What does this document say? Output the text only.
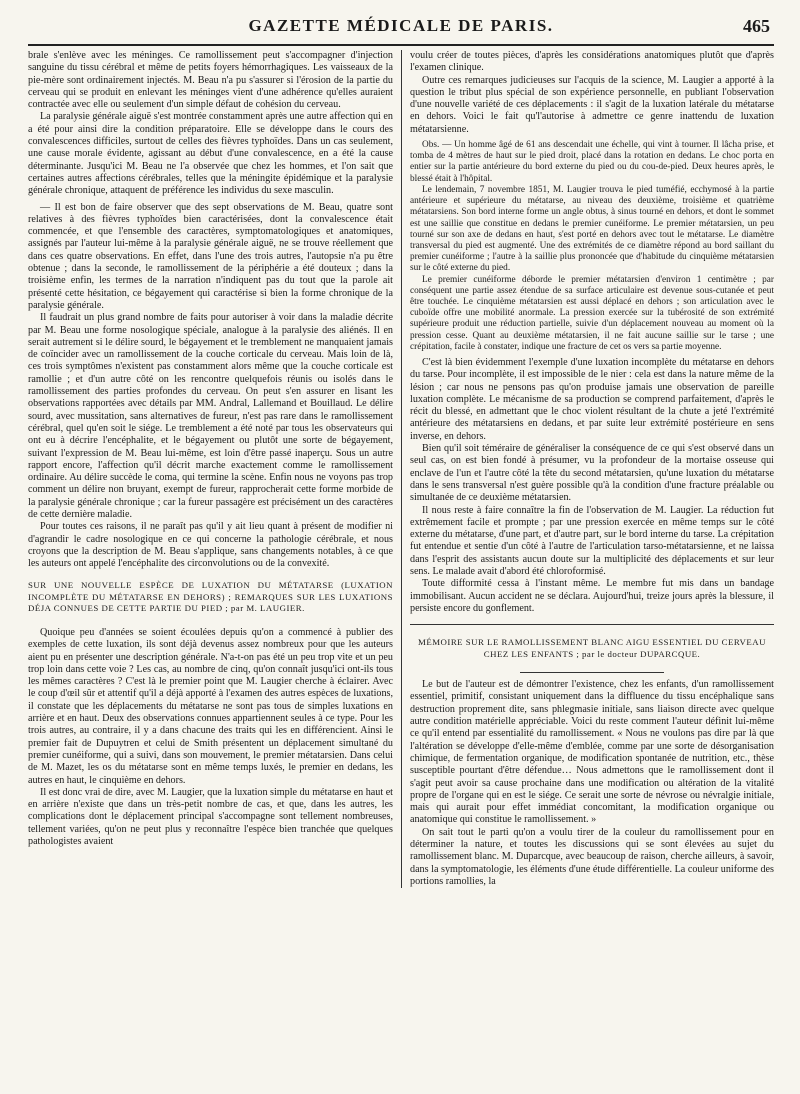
GAZETTE MÉDICALE DE PARIS.	465

brale s'enlève avec les méninges. Ce ramollissement peut s'accompagner d'injection sanguine du tissu cérébral et même de petits foyers hémorrhagiques. Les vaisseaux de la pie-mère sont ordinairement injectés. M. Beau n'a pu s'assurer si l'érosion de la partie du cerveau qui se produit en enlevant les méninges vient d'une adhérence qu'elles auraient contractée avec elle ou seulement d'un simple défaut de cohésion du cerveau.

La paralysie générale aiguë s'est montrée constamment après une autre affection qui en a été pour ainsi dire la condition préparatoire. Elle se développe dans le cours des convalescences difficiles, surtout de celles des fièvres typhoïdes. Dans un cas seulement, une cause morale évidente, agissant au début d'une convalescence, en a été la cause déterminante. Jusqu'ici M. Beau ne l'a observée que chez les hommes, et l'on sait que certaines autres affections cérébrales, telles que la méningite épidémique et la paralysie générale chronique, attaquent de préférence les individus du sexe masculin.

— Il est bon de faire observer que des sept observations de M. Beau, quatre sont relatives à des fièvres typhoïdes bien caractérisées, dont la convalescence était commencée, et que l'ensemble des caractères, symptomatologiques et anatomiques, assignés par l'auteur lui-même à la paralysie générale aiguë, ne se trouve réellement que dans ces quatre observations. En effet, dans l'une des trois autres, l'autopsie n'a pu être obtenue ; dans la seconde, le ramollissement de la périphérie a été douteux ; dans la troisième enfin, les termes de la narration n'indiquent pas du tout que la parole ait présenté cette hésitation, ce bégayement qui caractérise si bien la forme chronique de la paralysie générale.

Il faudrait un plus grand nombre de faits pour autoriser à voir dans la maladie décrite par M. Beau une forme nosologique spéciale, analogue à la paralysie des aliénés. Il en serait autrement si le délire sourd, le bégayement et le tremblement ne manquaient jamais de coïncider avec un ramollissement de la couche corticale du cerveau. Mais loin de là, ces trois symptômes n'existent pas constamment alors même que la couche corticale est ramollie ; et d'un autre côté on les rencontre quelquefois réunis ou isolés dans le ramollissement des parties profondes du cerveau. On peut s'en assurer en lisant les observations rapportées avec détails par MM. Andral, Lallemand et Bouillaud. Le délire sourd, avec mussitation, sans alternatives de fureur, n'est pas rare dans le ramollissement cérébral, quel qu'en soit le siége. Le tremblement a été noté par tous les observateurs qui ont eu à décrire l'encéphalite, et le bégayement ou plutôt une sorte de bégayement, suivant l'expression de M. Beau lui-même, est loin d'être passé inaperçu. Sous un autre rapport encore, l'affection qu'il décrit marche exactement comme le ramollissement ordinaire. Au délire succède le coma, qui termine la scène. Enfin nous ne voyons pas trop comment un délire non bruyant, exempt de fureur, rapprocherait cette forme morbide de la paralysie générale chronique ; car la fureur passagère est précisément un des caractères de cette dernière maladie.

Pour toutes ces raisons, il ne paraît pas qu'il y ait lieu quant à présent de modifier ni d'agrandir le cadre nosologique en ce qui concerne la pathologie cérébrale, et nous croyons que la description de M. Beau s'applique, sans changements notables, à ce que les auteurs ont appelé l'encéphalite des circonvolutions ou de la convexité.

SUR UNE NOUVELLE ESPÈCE DE LUXATION DU MÉTATARSE (LUXATION INCOMPLÈTE DU MÉTATARSE EN DEHORS) ; REMARQUES SUR LES LUXATIONS DÉJA CONNUES DE CETTE PARTIE DU PIED ; par M. LAUGIER.

Quoique peu d'années se soient écoulées depuis qu'on a commencé à publier des exemples de cette luxation, ils sont déjà devenus assez nombreux pour que les auteurs aient pu en présenter une description générale. N'a-t-on pas été un peu trop vite et un peu trop loin dans cette voie ? Les cas, au nombre de cinq, qu'on connaît jusqu'ici ont-ils tous les mêmes caractères ? C'est là le premier point que M. Laugier cherche à éclairer. Avec le coup d'œil sûr et attentif qu'il a déjà apporté à l'examen des autres espèces de luxations, il constate que les déplacements du métatarse ne sont pas tous de simples luxations en arrière et en haut. Deux des observations connues appartiennent seules à ce type. Pour les trois autres, au contraire, il y a dans chacune des traits qui les en différencient. Ainsi le premier fait de Dupuytren et celui de Smith présentent un déplacement simultané du premier cunéiforme, qui a suivi, dans son mouvement, le premier métatarsien. Dans celui de M. Mazet, les os du métatarse sont en même temps luxés, le premier en dedans, les autres en haut, le cinquième en dehors.

Il est donc vrai de dire, avec M. Laugier, que la luxation simple du métatarse en haut et en arrière n'existe que dans un très-petit nombre de cas, et que, dans les autres, les complications dont le déplacement principal s'accompagne sont tellement nombreuses, tellement variées, qu'on ne peut plus y reconnaître l'espèce bien tranchée que quelques pathologistes avaient

voulu créer de toutes pièces, d'après les considérations anatomiques plutôt que d'après l'examen clinique.

Outre ces remarques judicieuses sur l'acquis de la science, M. Laugier a apporté à la question le tribut plus spécial de son expérience personnelle, en publiant l'observation d'une nouvelle variété de ces déplacements : il s'agit de la luxation latérale du métatarse en dehors. Voici le fait qu'l'autorise à admettre ce genre inattendu de luxation métatarsienne.

Obs. — Un homme âgé de 61 ans descendait une échelle, qui vint à tourner. Il lâcha prise, et tomba de 4 mètres de haut sur le pied droit, placé dans la rotation en dedans. Le choc porta en entier sur la partie antérieure du bord externe du pied ou du cou-de-pied. Deux heures après, le blessé était à l'hôpital.

Le lendemain, 7 novembre 1851, M. Laugier trouva le pied tuméfié, ecchymosé à la partie antérieure et supérieure du métatarse, au niveau des deuxième, troisième et quatrième métatarsiens. Son bord interne forme un angle obtus, à sinus tourné en dehors, et dont le sommet est une saillie que constitue en dedans le premier cunéiforme. Le premier métatarsien, un peu tourné sur son axe de dedans en haut, s'est porté en dehors avec tout le métatarse. Le diamètre transversal du pied est augmenté. Une des extrémités de ce diamètre répond au bord saillant du premier cunéiforme ; l'autre à la saillie plus prononcée que d'habitude du cinquième métatarsien sur le côté externe du pied.

Le premier cunéiforme déborde le premier métatarsien d'environ 1 centimètre ; par conséquent une partie assez étendue de sa surface articulaire est devenue sous-cutanée et peut être touchée. Le cinquième métatarsien est aussi déplacé en dehors ; son articulation avec le cuboïde offre une mobilité anormale. La pression exercée sur la tubérosité de son extrémité supérieure produit une réduction partielle, suivie d'un déplacement nouveau au moment où la pression cesse. Quant au deuxième métatarsien, il ne fait aucune saillie sur le tarse ; une crépitation, facile à constater, indique une fracture de cet os vers sa partie moyenne.

C'est là bien évidemment l'exemple d'une luxation incomplète du métatarse en dehors du tarse. Pour incomplète, il est impossible de le nier : cela est dans la nature même de la lésion ; car nous ne pensons pas qu'on produise jamais une observation de pareille luxation complète. Le mécanisme de sa production se comprend parfaitement, d'après le récit du blessé, en admettant que le choc violent résultant de la chute a jeté l'extrémité antérieure des métatarsiens en dedans, et par suite leur extrémité postérieure en sens inverse, en dehors.

Bien qu'il soit téméraire de généraliser la conséquence de ce qui s'est observé dans un seul cas, on est bien fondé à présumer, vu la profondeur de la mortaise osseuse qui enclave de l'un et l'autre côté la tête du second métatarsien, qu'une luxation du métatarse dans le sens transversal n'est guère possible qu'à la condition d'une fracture préalable ou simultanée de ce deuxième métatarsien.

Il nous reste à faire connaître la fin de l'observation de M. Laugier. La réduction fut extrêmement facile et prompte ; par une pression exercée en même temps sur le côté externe du métatarse, d'une part, et d'autre part, sur le bord interne du tarse. La crépitation fut entendue et sentie d'un côté à l'autre de l'articulation tarso-métatarsienne, et ne laissa dans l'esprit des assistants aucun doute sur la multiplicité des déplacements et sur leur sens. Le malade avait d'abord été chloroformisé.

Toute difformité cessa à l'instant même. Le membre fut mis dans un bandage immobilisant. Aucun accident ne se déclara. Aujourd'hui, treize jours après la blessure, il persiste encore du gonflement.

MÉMOIRE SUR LE RAMOLLISSEMENT BLANC AIGU ESSENTIEL DU CERVEAU CHEZ LES ENFANTS ; par le docteur DUPARCQUE.

Le but de l'auteur est de démontrer l'existence, chez les enfants, d'un ramollissement essentiel, primitif, consistant uniquement dans la diffluence du tissu encéphalique sans destruction proprement dite, sans phlegmasie initiale, sans liaison directe avec quelque autre condition matérielle appréciable. Voici du reste comment l'auteur définit lui-même ce qu'il entend par essentialité du ramollissement. « Nous ne voulons pas dire par là que l'altération se développe d'elle-même d'emblée, comme par une sorte de désorganisation chimique, de fermentation organique, de modification spontanée de nutrition, etc., thèse susceptible pourtant d'être défendue… Nous admettons que le ramollissement dont il s'agit peut avoir sa cause prochaine dans une modification ou altération de la vitalité propre de l'organe qui en est le siége. Ce serait une sorte de névrose ou névralgie initiale, mais qui aurait pour effet immédiat concomitant, la modification organique ou anatomique qui constitue le ramollissement. »

On sait tout le parti qu'on a voulu tirer de la couleur du ramollissement pour en déterminer la nature, et toutes les discussions qui se sont élevées au sujet du ramollissement blanc. M. Duparcque, avec beaucoup de raison, cherche ailleurs, à savoir, dans la symptomatologie, les éléments d'une étude différentielle. La couleur uniforme des portions ramollies, la
